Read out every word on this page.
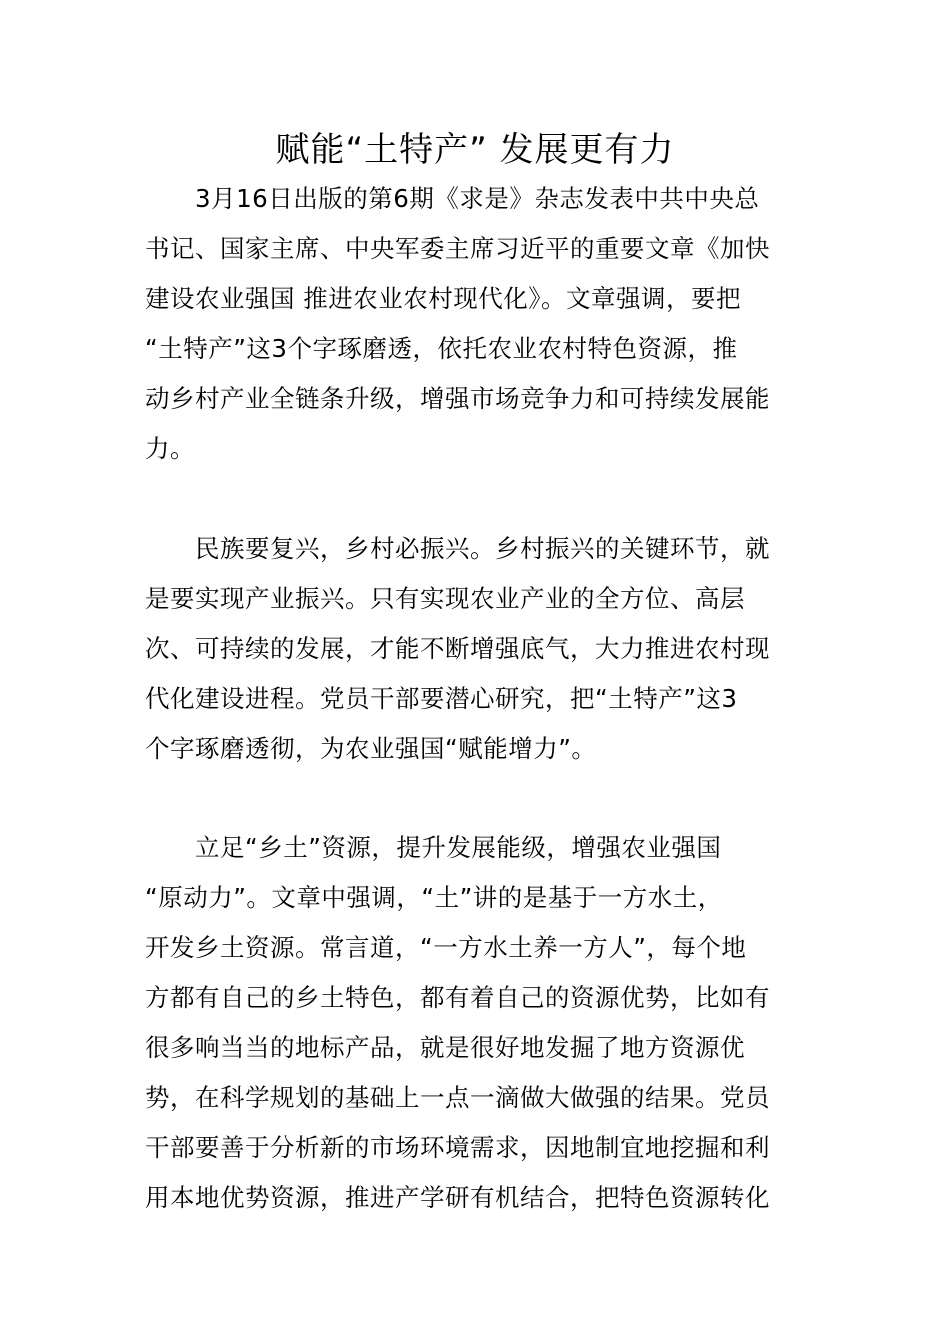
赋能“土特产” 发展更有力
3月16日出版的第6期《求是》杂志发表中共中央总
书记、国家主席、中央军委主席习近平的重要文章《加快
建设农业强国 推进农业农村现代化》。文章强调，要把
“土特产”这3个字琢磨透，依托农业农村特色资源，推
动乡村产业全链条升级，增强市场竞争力和可持续发展能
力。
民族要复兴，乡村必振兴。乡村振兴的关键环节，就
是要实现产业振兴。只有实现农业产业的全方位、高层
次、可持续的发展，才能不断增强底气，大力推进农村现
代化建设进程。党员干部要潜心研究，把“土特产”这3
个字琢磨透彻，为农业强国“赋能增力”。
立足“乡土”资源，提升发展能级，增强农业强国
“原动力”。文章中强调，“土”讲的是基于一方水土，
开发乡土资源。常言道，“一方水土养一方人”，每个地
方都有自己的乡土特色，都有着自己的资源优势，比如有
很多响当当的地标产品，就是很好地发掘了地方资源优
势，在科学规划的基础上一点一滴做大做强的结果。党员
干部要善于分析新的市场环境需求，因地制宜地挖掘和利
用本地优势资源，推进产学研有机结合，把特色资源转化
